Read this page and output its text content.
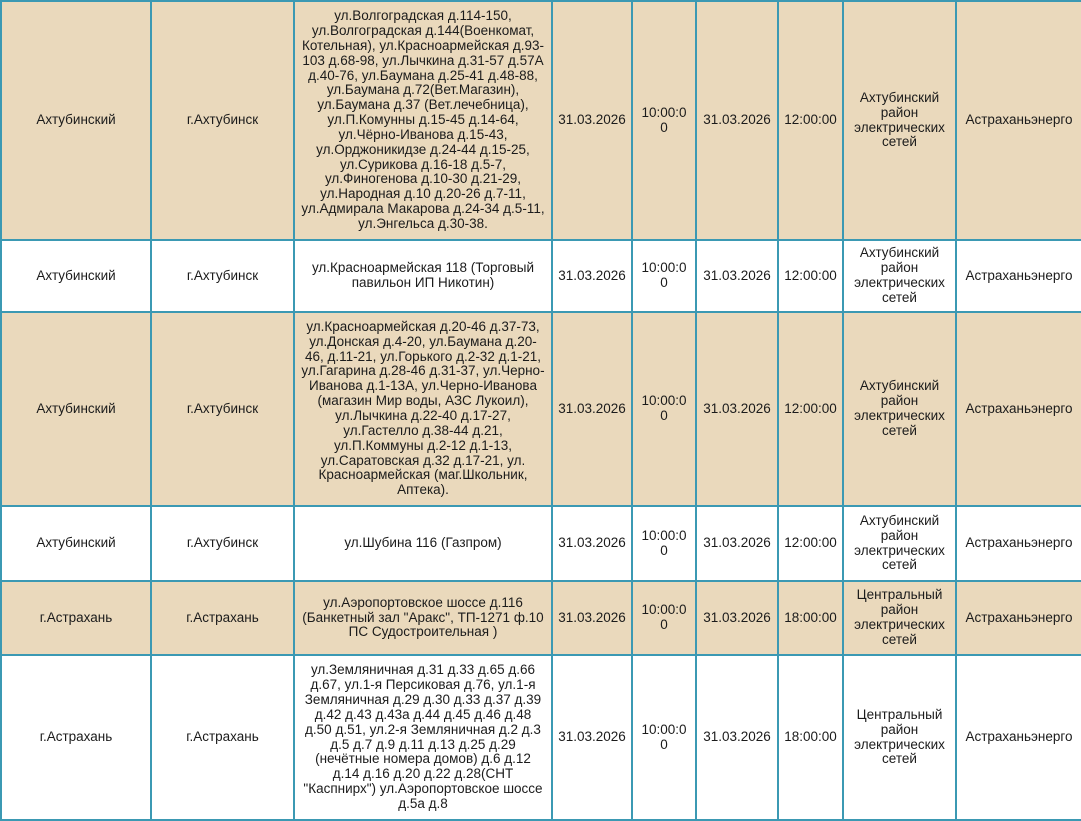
Ахтубинский	г.Ахтубинск	ул.Волгоградская д.114-150, ул.Волгоградская д.144(Военкомат, Котельная), ул.Красноармейская д.93-103 д.68-98, ул.Лычкина д.31-57 д.57А д.40-76, ул.Баумана д.25-41 д.48-88, ул.Баумана д.72(Вет.Магазин), ул.Баумана д.37 (Вет.лечебница), ул.П.Комунны д.15-45 д.14-64, ул.Чёрно-Иванова д.15-43, ул.Орджоникидзе д.24-44 д.15-25, ул.Сурикова д.16-18 д.5-7, ул.Финогенова д.10-30 д.21-29, ул.Народная д.10 д.20-26 д.7-11, ул.Адмирала Макарова д.24-34 д.5-11, ул.Энгельса д.30-38.	31.03.2026	10:00:00	31.03.2026	12:00:00	Ахтубинский район электрических сетей	Астраханьэнерго
Ахтубинский	г.Ахтубинск	ул.Красноармейская 118 (Торговый павильон ИП Никотин)	31.03.2026	10:00:00	31.03.2026	12:00:00	Ахтубинский район электрических сетей	Астраханьэнерго
Ахтубинский	г.Ахтубинск	ул.Красноармейская д.20-46 д.37-73, ул.Донская д.4-20, ул.Баумана д.20-46, д.11-21, ул.Горького д.2-32 д.1-21, ул.Гагарина д.28-46 д.31-37, ул.Черно-Иванова д.1-13А, ул.Черно-Иванова (магазин Мир воды, АЗС Лукоил), ул.Лычкина д.22-40 д.17-27, ул.Гастелло д.38-44 д.21, ул.П.Коммуны д.2-12 д.1-13, ул.Саратовская д.32 д.17-21, ул. Красноармейская (маг.Школьник, Аптека).	31.03.2026	10:00:00	31.03.2026	12:00:00	Ахтубинский район электрических сетей	Астраханьэнерго
Ахтубинский	г.Ахтубинск	ул.Шубина 116 (Газпром)	31.03.2026	10:00:00	31.03.2026	12:00:00	Ахтубинский район электрических сетей	Астраханьэнерго
г.Астрахань	г.Астрахань	ул.Аэропортовское шоссе д.116 (Банкетный зал "Аракс", ТП-1271 ф.10 ПС Судостроительная )	31.03.2026	10:00:00	31.03.2026	18:00:00	Центральный район электрических сетей	Астраханьэнерго
г.Астрахань	г.Астрахань	ул.Земляничная д.31 д.33 д.65 д.66 д.67, ул.1-я Персиковая д.76, ул.1-я Земляничная д.29 д.30 д.33 д.37 д.39 д.42 д.43 д.43а д.44 д.45 д.46 д.48 д.50 д.51, ул.2-я Земляничная д.2 д.3 д.5 д.7 д.9 д.11 д.13 д.25 д.29 (нечётные номера домов) д.6 д.12 д.14 д.16 д.20 д.22 д.28(СНТ "Каспнирх") ул.Аэропортовское шоссе д.5а д.8	31.03.2026	10:00:00	31.03.2026	18:00:00	Центральный район электрических сетей	Астраханьэнерго
